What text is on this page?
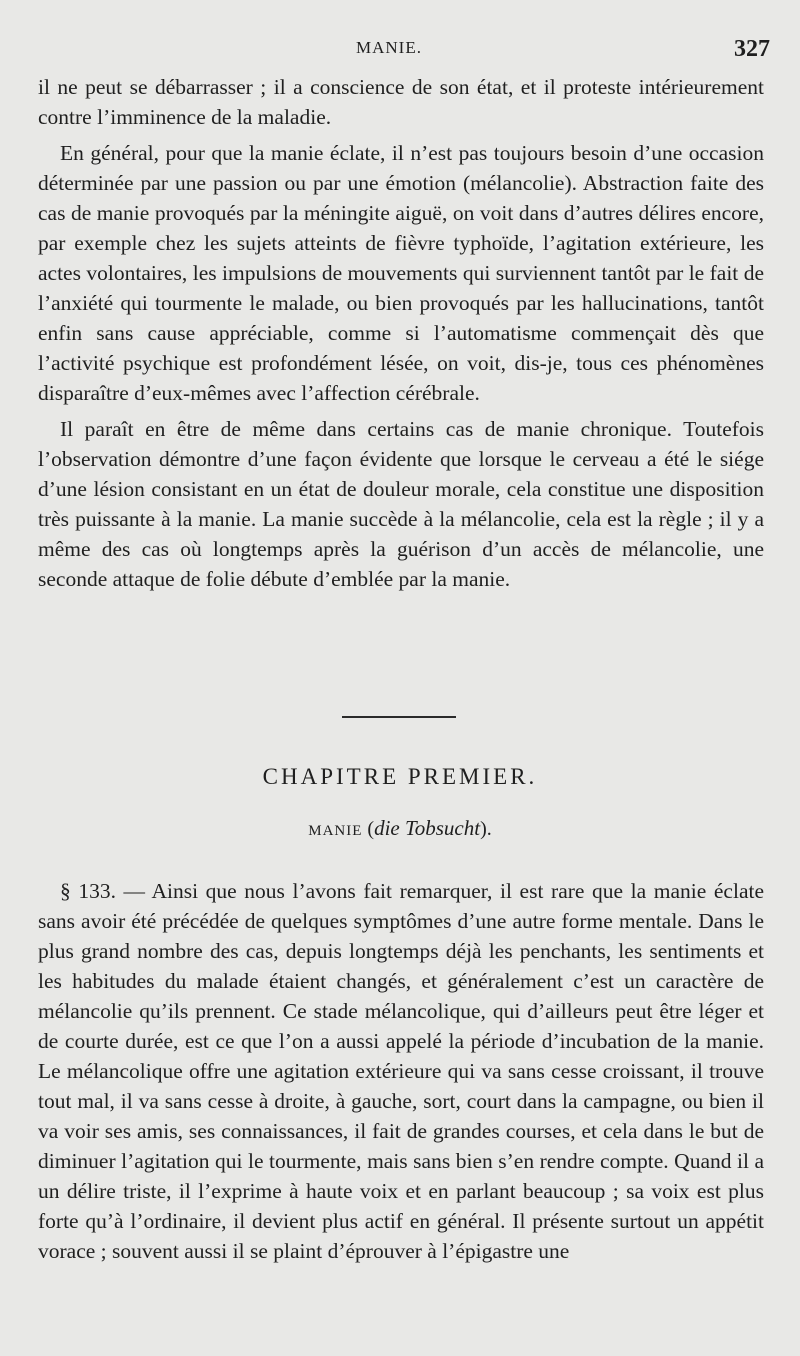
MANIE.	327

il ne peut se débarrasser ; il a conscience de son état, et il proteste intérieurement contre l’imminence de la maladie.

En général, pour que la manie éclate, il n’est pas toujours besoin d’une occasion déterminée par une passion ou par une émotion (mélancolie). Abstraction faite des cas de manie provoqués par la méningite aiguë, on voit dans d’autres délires encore, par exemple chez les sujets atteints de fièvre typhoïde, l’agitation extérieure, les actes volontaires, les impulsions de mouvements qui surviennent tantôt par le fait de l’anxiété qui tourmente le malade, ou bien provoqués par les hallucinations, tantôt enfin sans cause appréciable, comme si l’automatisme commençait dès que l’activité psychique est profondément lésée, on voit, dis-je, tous ces phénomènes disparaître d’eux-mêmes avec l’affection cérébrale.

Il paraît en être de même dans certains cas de manie chronique. Toutefois l’observation démontre d’une façon évidente que lorsque le cerveau a été le siége d’une lésion consistant en un état de douleur morale, cela constitue une disposition très puissante à la manie. La manie succède à la mélancolie, cela est la règle ; il y a même des cas où longtemps après la guérison d’un accès de mélancolie, une seconde attaque de folie débute d’emblée par la manie.

CHAPITRE PREMIER.
MANIE (die Tobsucht).

§ 133. — Ainsi que nous l’avons fait remarquer, il est rare que la manie éclate sans avoir été précédée de quelques symptômes d’une autre forme mentale. Dans le plus grand nombre des cas, depuis longtemps déjà les penchants, les sentiments et les habitudes du malade étaient changés, et généralement c’est un caractère de mélancolie qu’ils prennent. Ce stade mélancolique, qui d’ailleurs peut être léger et de courte durée, est ce que l’on a aussi appelé la période d’incubation de la manie. Le mélancolique offre une agitation extérieure qui va sans cesse croissant, il trouve tout mal, il va sans cesse à droite, à gauche, sort, court dans la campagne, ou bien il va voir ses amis, ses connaissances, il fait de grandes courses, et cela dans le but de diminuer l’agitation qui le tourmente, mais sans bien s’en rendre compte. Quand il a un délire triste, il l’exprime à haute voix et en parlant beaucoup ; sa voix est plus forte qu’à l’ordinaire, il devient plus actif en général. Il présente surtout un appétit vorace ; souvent aussi il se plaint d’éprouver à l’épigastre une
